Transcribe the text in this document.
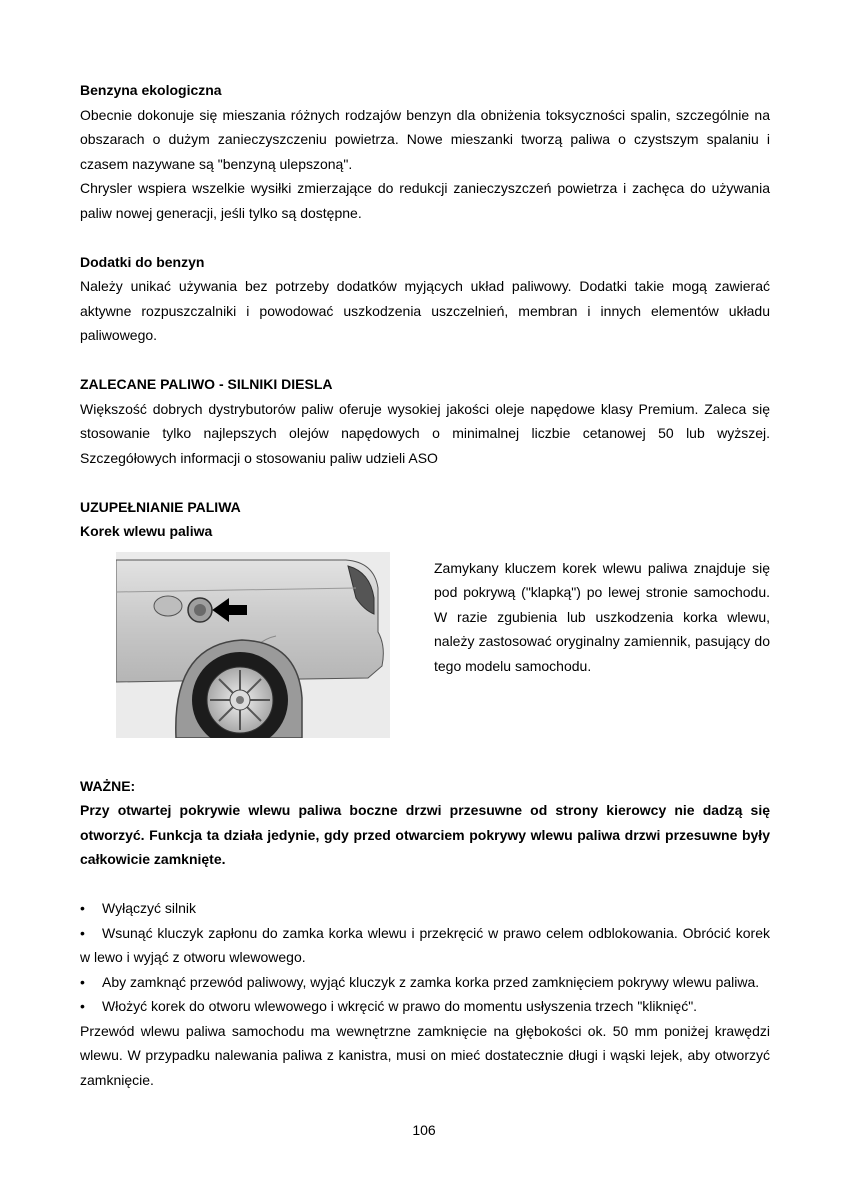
Benzyna ekologiczna

Obecnie dokonuje się mieszania różnych rodzajów benzyn dla obniżenia toksyczności spalin, szczególnie na obszarach o dużym zanieczyszczeniu powietrza. Nowe mieszanki tworzą paliwa o czystszym spalaniu i czasem nazywane są "benzyną ulepszoną".

Chrysler wspiera wszelkie wysiłki zmierzające do redukcji zanieczyszczeń powietrza i zachęca do używania paliw nowej generacji, jeśli tylko są dostępne.

Dodatki do benzyn

Należy unikać używania bez potrzeby dodatków myjących układ paliwowy. Dodatki takie mogą zawierać aktywne rozpuszczalniki i powodować uszkodzenia uszczelnień, membran i innych elementów układu paliwowego.

ZALECANE PALIWO - SILNIKI DIESLA

Większość dobrych dystrybutorów paliw oferuje wysokiej jakości oleje napędowe klasy Premium. Zaleca się stosowanie tylko najlepszych olejów napędowych o minimalnej liczbie cetanowej 50 lub wyższej. Szczegółowych informacji o stosowaniu paliw udzieli ASO

UZUPEŁNIANIE PALIWA

Korek wlewu paliwa

Zamykany kluczem korek wlewu paliwa znajduje się pod pokrywą ("klapką") po lewej stronie samochodu. W razie zgubienia lub uszkodzenia korka wlewu, należy zastosować oryginalny zamiennik, pasujący do tego modelu samochodu.

WAŻNE:

Przy otwartej pokrywie wlewu paliwa boczne drzwi przesuwne od strony kierowcy nie dadzą się otworzyć. Funkcja ta działa jedynie, gdy przed otwarciem pokrywy wlewu paliwa drzwi przesuwne były całkowicie zamknięte.

• Wyłączyć silnik

• Wsunąć kluczyk zapłonu do zamka korka wlewu i przekręcić w prawo celem odblokowania. Obrócić korek w lewo i wyjąć z otworu wlewowego.

• Aby zamknąć przewód paliwowy, wyjąć kluczyk z zamka korka przed zamknięciem pokrywy wlewu paliwa.

• Włożyć korek do otworu wlewowego i wkręcić w prawo do momentu usłyszenia trzech "kliknięć".

Przewód wlewu paliwa samochodu ma wewnętrzne zamknięcie na głębokości ok. 50 mm poniżej krawędzi wlewu. W przypadku nalewania paliwa z kanistra, musi on mieć dostatecznie długi i wąski lejek, aby otworzyć zamknięcie.

106
